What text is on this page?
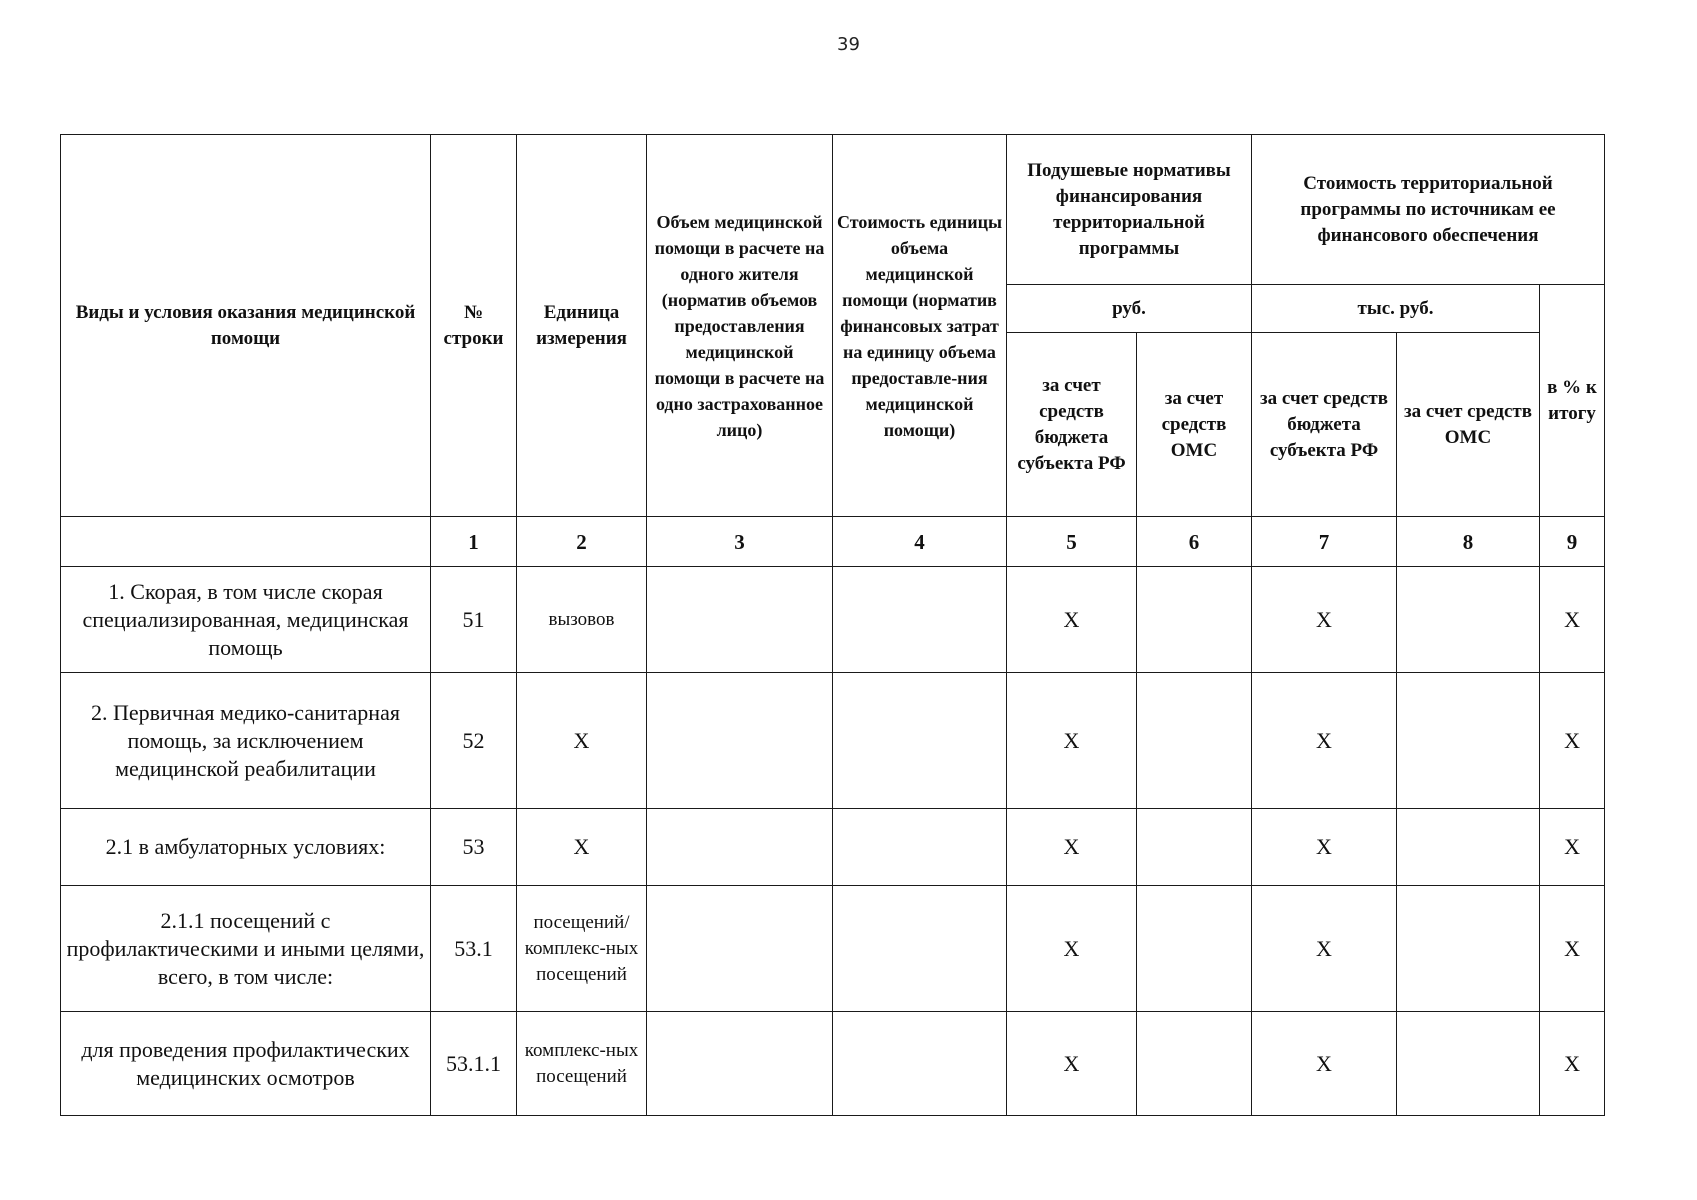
39
Виды и условия оказания медицинской помощи	№ строки	Единица измерения	Объем медицинской помощи в расчете на одного жителя (норматив объемов предоставления медицинской помощи в расчете на одно застрахованное лицо)	Стоимость единицы объема медицинской помощи (норматив финансовых затрат на единицу объема предоставле-ния медицинской помощи)	Подушевые нормативы финансирования территориальной программы		Стоимость территориальной программы по источникам ее финансового обеспечения		
					руб.		тыс. руб.		в % к итогу
					за счет средств бюджета субъекта РФ	за счет средств ОМС	за счет средств бюджета субъекта РФ	за счет средств ОМС	
	1	2	3	4	5	6	7	8	9
1. Скорая, в том числе скорая специализированная, медицинская помощь	51	вызовов			X		X		X
2. Первичная медико-санитарная помощь, за исключением медицинской реабилитации	52	X			X		X		X
2.1 в амбулаторных условиях:	53	X			X		X		X
2.1.1 посещений с профилактическими и иными целями, всего, в том числе:	53.1	посещений/ комплекс-ных посещений			X		X		X
для проведения профилактических медицинских осмотров	53.1.1	комплекс-ных посещений			X		X		X
